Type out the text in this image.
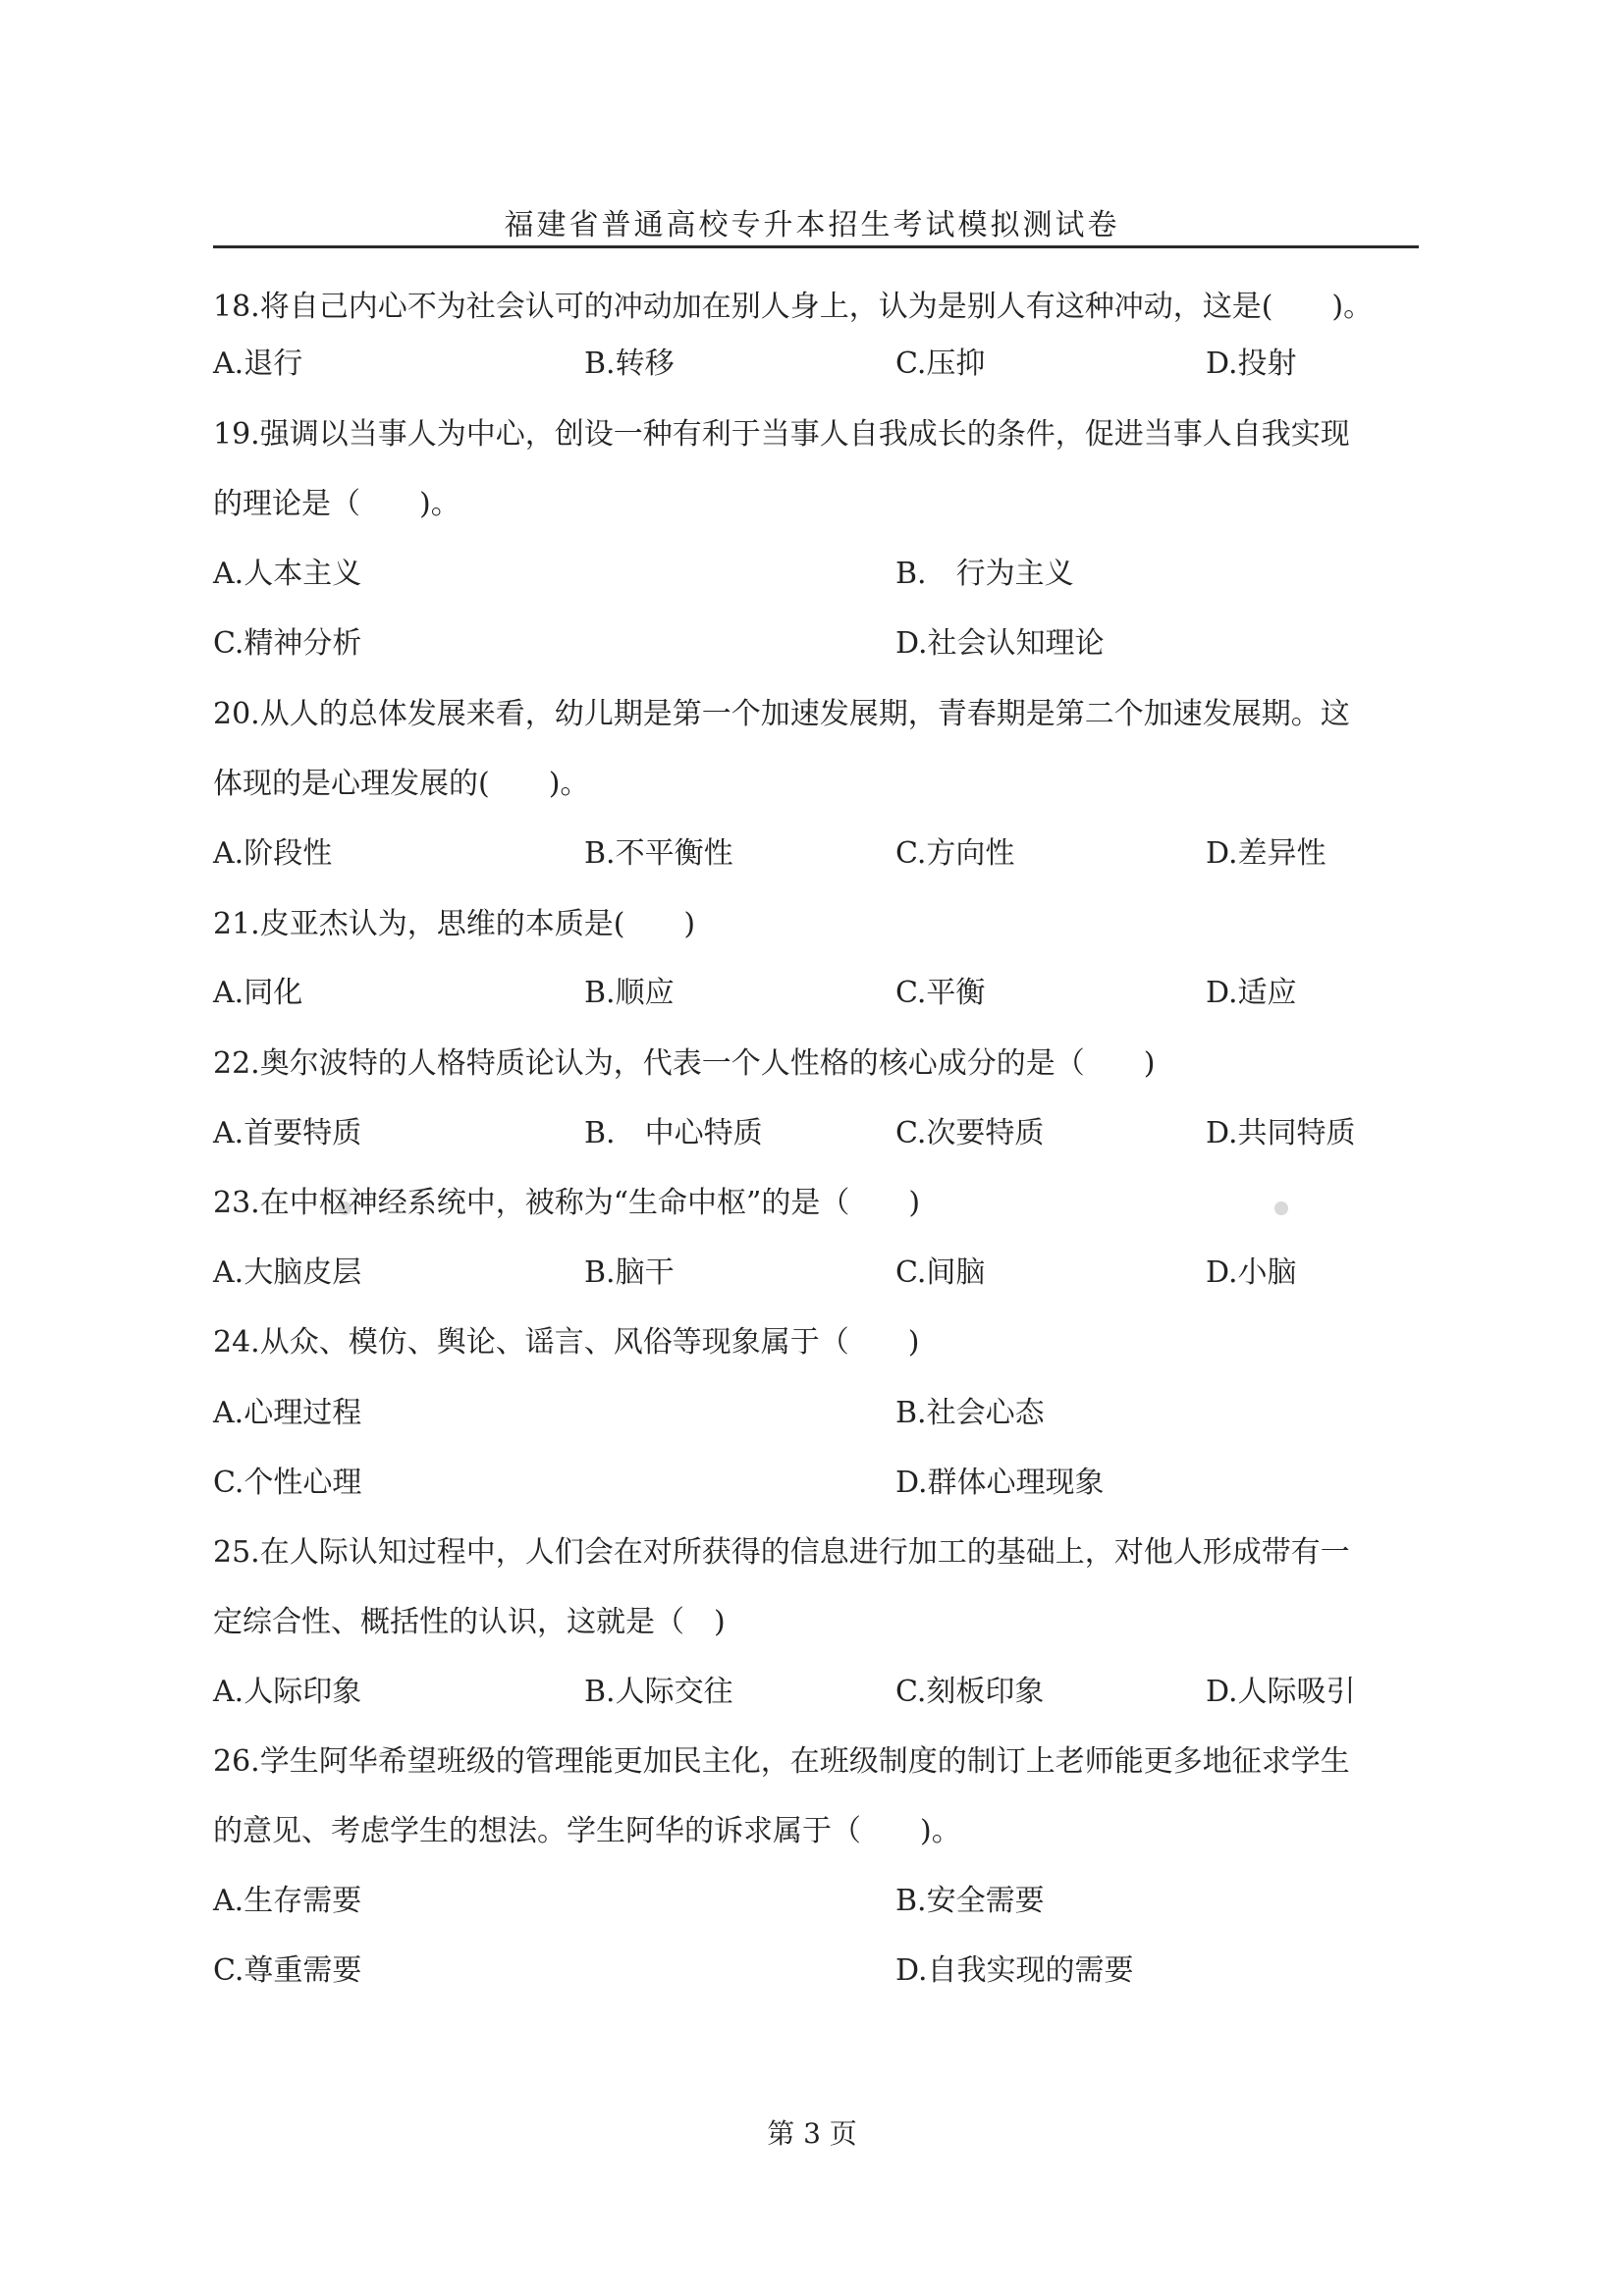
福建省普通高校专升本招生考试模拟测试卷
18.将自己内心不为社会认可的冲动加在别人身上，认为是别人有这种冲动，这是(　　)。
A.退行	B.转移	C.压抑	D.投射
19.强调以当事人为中心，创设一种有利于当事人自我成长的条件，促进当事人自我实现
的理论是（　　)。
A.人本主义	B.　行为主义
C.精神分析	D.社会认知理论
20.从人的总体发展来看，幼儿期是第一个加速发展期，青春期是第二个加速发展期。这
体现的是心理发展的(　　)。
A.阶段性	B.不平衡性	C.方向性	D.差异性
21.皮亚杰认为，思维的本质是(　　)
A.同化	B.顺应	C.平衡	D.适应
22.奥尔波特的人格特质论认为，代表一个人性格的核心成分的是（　　)
A.首要特质	B.　中心特质	C.次要特质	D.共同特质
23.在中枢神经系统中，被称为“生命中枢”的是（　　)
A.大脑皮层	B.脑干	C.间脑	D.小脑
24.从众、模仿、舆论、谣言、风俗等现象属于（　　)
A.心理过程	B.社会心态
C.个性心理	D.群体心理现象
25.在人际认知过程中，人们会在对所获得的信息进行加工的基础上，对他人形成带有一
定综合性、概括性的认识，这就是（　)
A.人际印象	B.人际交往	C.刻板印象	D.人际吸引
26.学生阿华希望班级的管理能更加民主化，在班级制度的制订上老师能更多地征求学生
的意见、考虑学生的想法。学生阿华的诉求属于（　　)。
A.生存需要	B.安全需要
C.尊重需要	D.自我实现的需要
第 3 页
